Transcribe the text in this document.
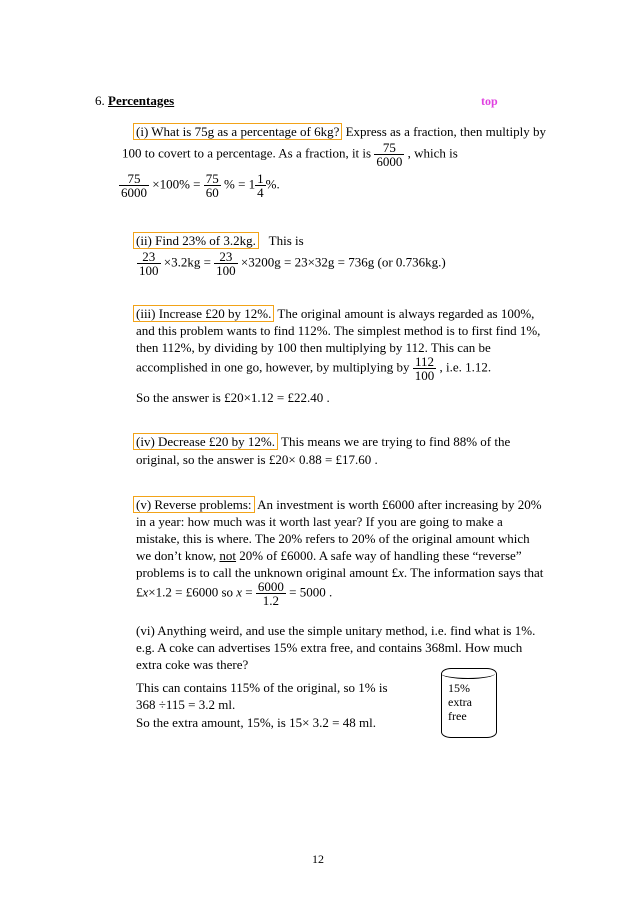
6. Percentages	top
(i) What is 75g as a percentage of 6kg? Express as a fraction, then multiply by
100 to covert to a percentage. As a fraction, it is $\frac{75}{6000}$ , which is
$\frac{75}{6000} \times 100\% = \frac{75}{60}$ % = $1 \frac{1}{4}$ %.
(ii) Find 23% of 3.2kg. This is
$\frac{23}{100} \times 3.2kg = \frac{23}{100} \times 3200g = 23\times 32g = 736g$ (or 0.736kg.)
(iii) Increase £20 by 12%. The original amount is always regarded as 100%,
and this problem wants to find 112%. The simplest method is to first find 1%,
then 112%, by dividing by 100 then multiplying by 112. This can be
accomplished in one go, however, by multiplying by $\frac{112}{100}$ , i.e. 1.12.
So the answer is £20×1.12 = £22.40 .
(iv) Decrease £20 by 12%. This means we are trying to find 88% of the
original, so the answer is £20× 0.88 = £17.60 .
(v) Reverse problems: An investment is worth £6000 after increasing by 20%
in a year: how much was it worth last year? If you are going to make a
mistake, this is where. The 20% refers to 20% of the original amount which
we don’t know, not 20% of £6000. A safe way of handling these “reverse”
problems is to call the unknown original amount £x. The information says that
£x×1.2 = £6000 so $x = \frac{6000}{1.2} = 5000$ .
(vi) Anything weird, and use the simple unitary method, i.e. find what is 1%.
e.g. A coke can advertises 15% extra free, and contains 368ml. How much
extra coke was there?
This can contains 115% of the original, so 1% is
368 ÷115 = 3.2 ml.
So the extra amount, 15%, is 15× 3.2 = 48 ml.
15% extra free
12
